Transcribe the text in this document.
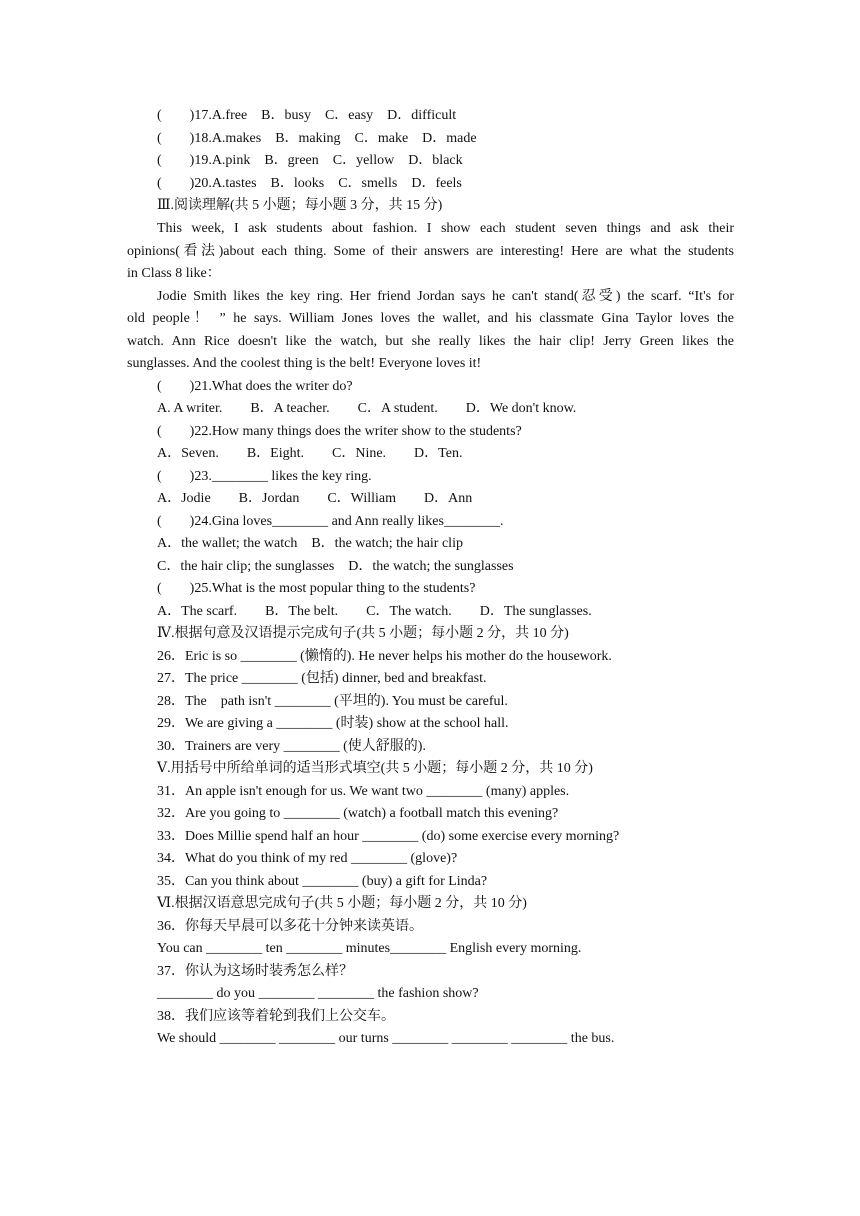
(        )17.A.free    B．busy    C．easy    D．difficult
(        )18.A.makes    B．making    C．make    D．made
(        )19.A.pink    B．green    C．yellow    D．black
(        )20.A.tastes    B．looks    C．smells    D．feels
Ⅲ.阅读理解(共 5 小题；每小题 3 分，共 15 分)
This week, I ask students about fashion. I show each student seven things and ask their
opinions(看法)about each thing. Some of their answers are interesting! Here are what the students
in Class 8 like：
Jodie Smith likes the key ring. Her friend Jordan says he can't stand(忍受) the scarf. “It's for
old people！ ” he says. William Jones loves the wallet, and his classmate Gina Taylor loves the
watch. Ann Rice doesn't like the watch, but she really likes the hair clip! Jerry Green likes the
sunglasses. And the coolest thing is the belt! Everyone loves it!
(        )21.What does the writer do?
A. A writer.        B．A teacher.        C．A student.        D．We don't know.
(        )22.How many things does the writer show to the students?
A．Seven.        B．Eight.        C．Nine.        D．Ten.
(        )23.________ likes the key ring.
A．Jodie        B．Jordan        C．William        D．Ann
(        )24.Gina loves________ and Ann really likes________.
A．the wallet; the watch    B．the watch; the hair clip
C．the hair clip; the sunglasses    D．the watch; the sunglasses
(        )25.What is the most popular thing to the students?
A．The scarf.        B．The belt.        C．The watch.        D．The sunglasses.
Ⅳ.根据句意及汉语提示完成句子(共 5 小题；每小题 2 分，共 10 分)
26．Eric is so ________ (懒惰的). He never helps his mother do the housework.
27．The price ________ (包括) dinner, bed and breakfast.
28．The    path isn't ________ (平坦的). You must be careful.
29．We are giving a ________ (时装) show at the school hall.
30．Trainers are very ________ (使人舒服的).
Ⅴ.用括号中所给单词的适当形式填空(共 5 小题；每小题 2 分，共 10 分)
31．An apple isn't enough for us. We want two ________ (many) apples.
32．Are you going to ________ (watch) a football match this evening?
33．Does Millie spend half an hour ________ (do) some exercise every morning?
34．What do you think of my red ________ (glove)?
35．Can you think about ________ (buy) a gift for Linda?
Ⅵ.根据汉语意思完成句子(共 5 小题；每小题 2 分，共 10 分)
36．你每天早晨可以多花十分钟来读英语。
You can ________ ten ________ minutes________ English every morning.
37．你认为这场时装秀怎么样？
________ do you ________ ________ the fashion show?
38．我们应该等着轮到我们上公交车。
We should ________ ________ our turns ________ ________ ________ the bus.
